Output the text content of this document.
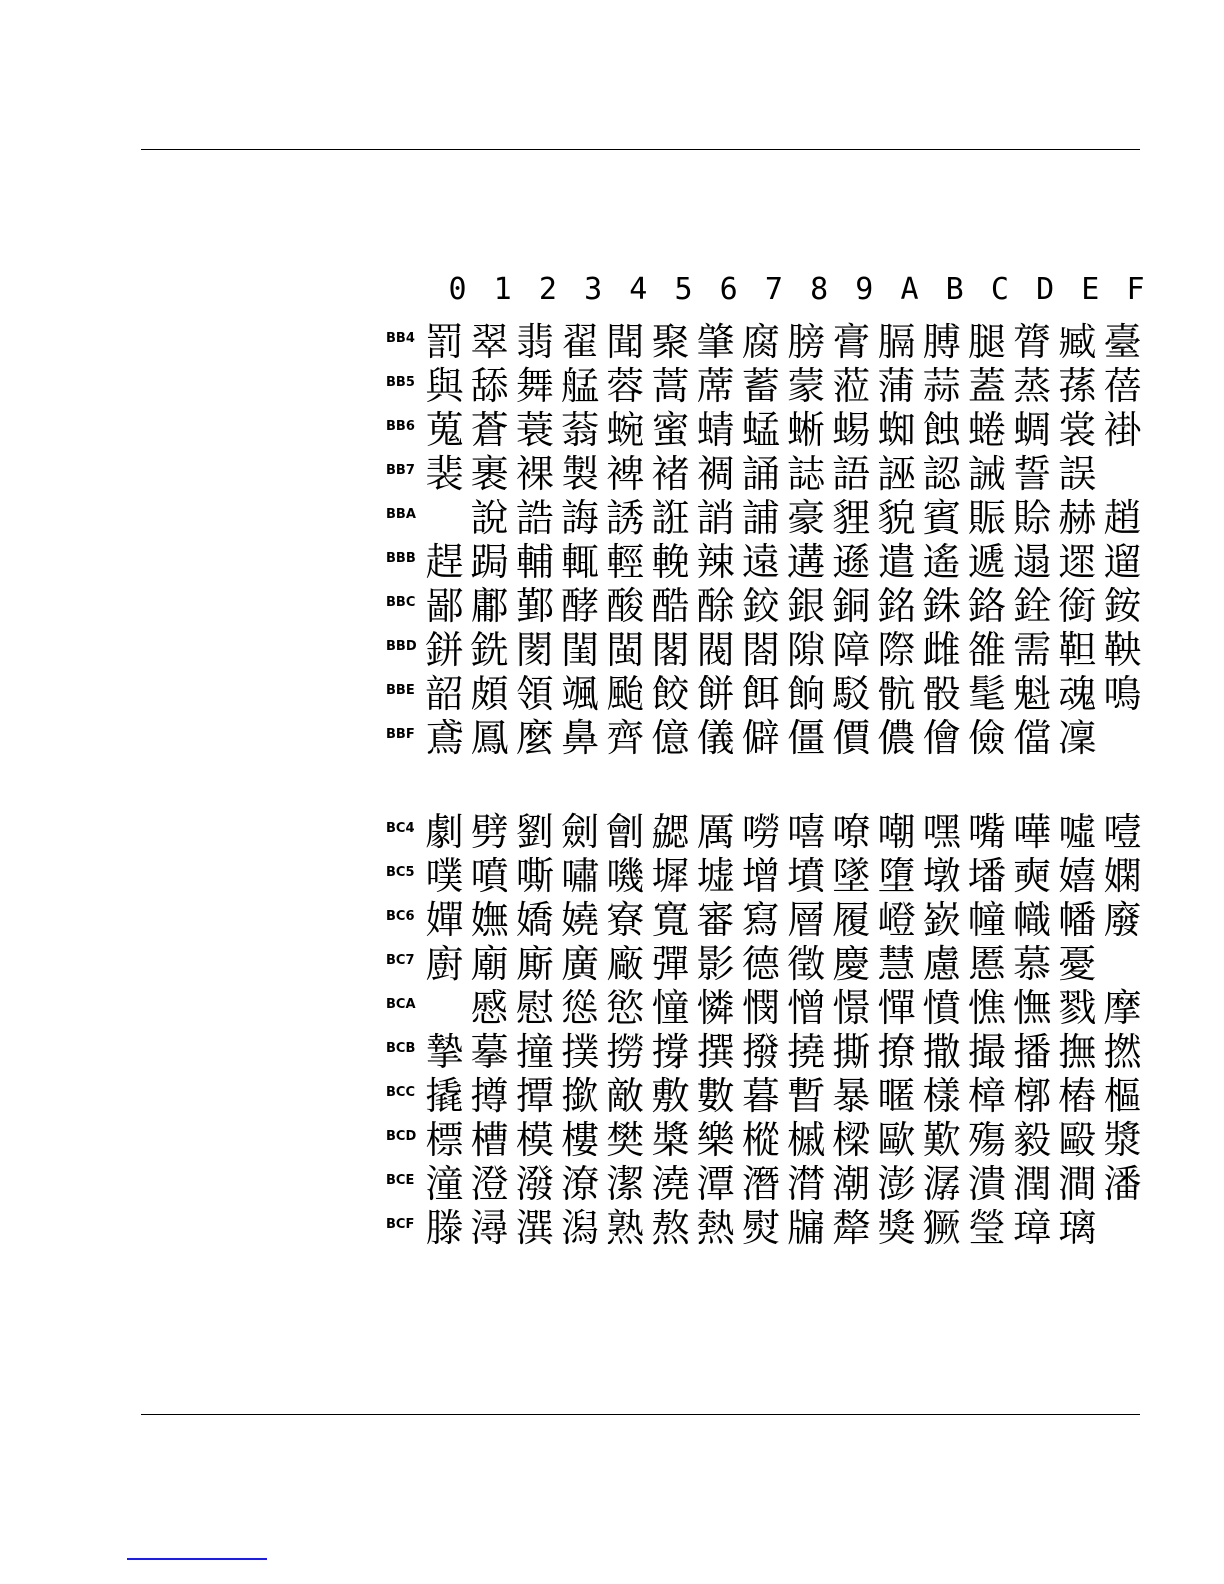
0 1 2 3 4 5 6 7 8 9 A B C D E F
BB4 罰 翠 翡 翟 聞 聚 肇 腐 膀 膏 膈 膊 腿 膂 臧 臺
BB5 與 舔 舞 艋 蓉 蒿 蓆 蓄 蒙 蒞 蒲 蒜 蓋 蒸 蓀 蓓
BB6 蒐 蒼 蓑 蓊 蜿 蜜 蜻 蜢 蜥 蜴 蜘 蝕 蜷 蜩 裳 褂
BB7 裴 裹 裸 製 裨 褚 裯 誦 誌 語 誣 認 誡 誓 誤
BBA 說 誥 誨 誘 誑 誚 誧 豪 貍 貌 賓 賑 賒 赫 趙
BBB 趕 跼 輔 輒 輕 輓 辣 遠 遘 遜 遣 遙 遞 遢 遝 遛
BBC 鄙 鄘 鄞 酵 酸 酷 酴 鉸 銀 銅 銘 銖 鉻 銓 銜 銨
BBD 鉼 銑 閡 閨 閩 閣 閥 閤 隙 障 際 雌 雒 需 靼 鞅
BBE 韶 頗 領 颯 颱 餃 餅 餌 餉 駁 骯 骰 髦 魁 魂 鳴
BBF 鳶 鳳 麼 鼻 齊 億 儀 僻 僵 價 儂 儈 儉 儅 凜
BC4 劇 劈 劉 劍 劊 勰 厲 嘮 嘻 嘹 嘲 嘿 嘴 嘩 噓 噎
BC5 噗 噴 嘶 嘯 嘰 墀 墟 增 墳 墜 墮 墩 墦 奭 嬉 嫻
BC6 嬋 嫵 嬌 嬈 寮 寬 審 寫 層 履 嶝 嶔 幢 幟 幡 廢
BC7 廚 廟 廝 廣 廠 彈 影 德 徵 慶 慧 慮 慝 慕 憂
BCA 慼 慰 慫 慾 憧 憐 憫 憎 憬 憚 憤 憔 憮 戮 摩
BCB 摯 摹 撞 撲 撈 撐 撰 撥 撓 撕 撩 撒 撮 播 撫 撚
BCC 撬 撙 撢 撳 敵 敷 數 暮 暫 暴 暱 樣 樟 槨 樁 樞
BCD 標 槽 模 樓 樊 槳 樂 樅 槭 樑 歐 歎 殤 毅 毆 漿
BCE 潼 澄 潑 潦 潔 澆 潭 潛 潸 潮 澎 潺 潰 潤 澗 潘
BCF 滕 潯 潠 潟 熟 熬 熱 熨 牖 犛 獎 獗 瑩 璋 璃
